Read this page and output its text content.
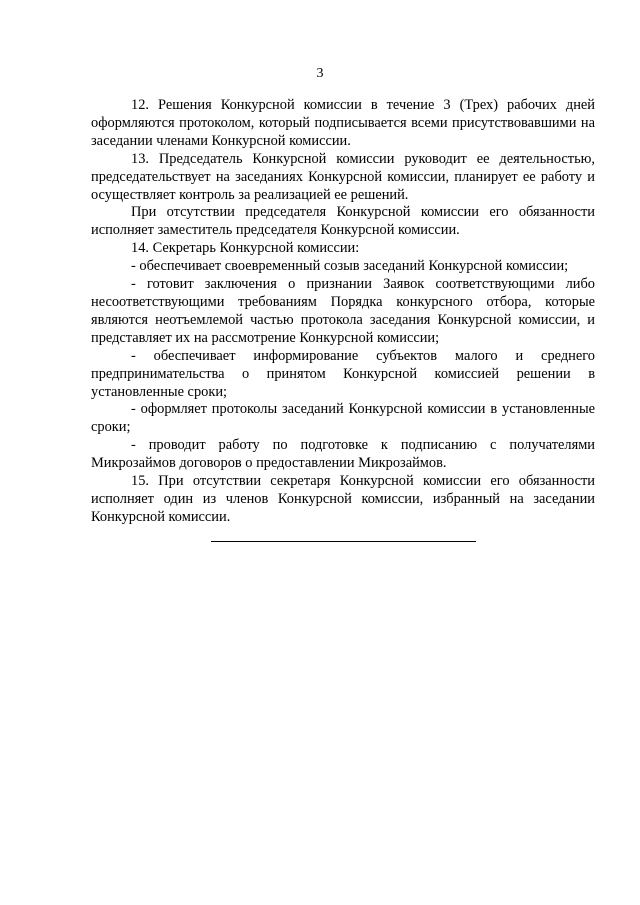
3

12. Решения Конкурсной комиссии в течение 3 (Трех) рабочих дней оформляются протоколом, который подписывается всеми присутствовавшими на заседании членами Конкурсной комиссии.

13. Председатель Конкурсной комиссии руководит ее деятельностью, председательствует на заседаниях Конкурсной комиссии, планирует ее работу и осуществляет контроль за реализацией ее решений.

При отсутствии председателя Конкурсной комиссии его обязанности исполняет заместитель председателя Конкурсной комиссии.

14. Секретарь Конкурсной комиссии:

- обеспечивает своевременный созыв заседаний Конкурсной комиссии;

- готовит заключения о признании Заявок соответствующими либо несоответствующими требованиям Порядка конкурсного отбора, которые являются неотъемлемой частью протокола заседания Конкурсной комиссии, и представляет их на рассмотрение Конкурсной комиссии;

- обеспечивает информирование субъектов малого и среднего предпринимательства о принятом Конкурсной комиссией решении в установленные сроки;

- оформляет протоколы заседаний Конкурсной комиссии в установленные сроки;

- проводит работу по подготовке к подписанию с получателями Микрозаймов договоров о предоставлении Микрозаймов.

15. При отсутствии секретаря Конкурсной комиссии его обязанности исполняет один из членов Конкурсной комиссии, избранный на заседании Конкурсной комиссии.
